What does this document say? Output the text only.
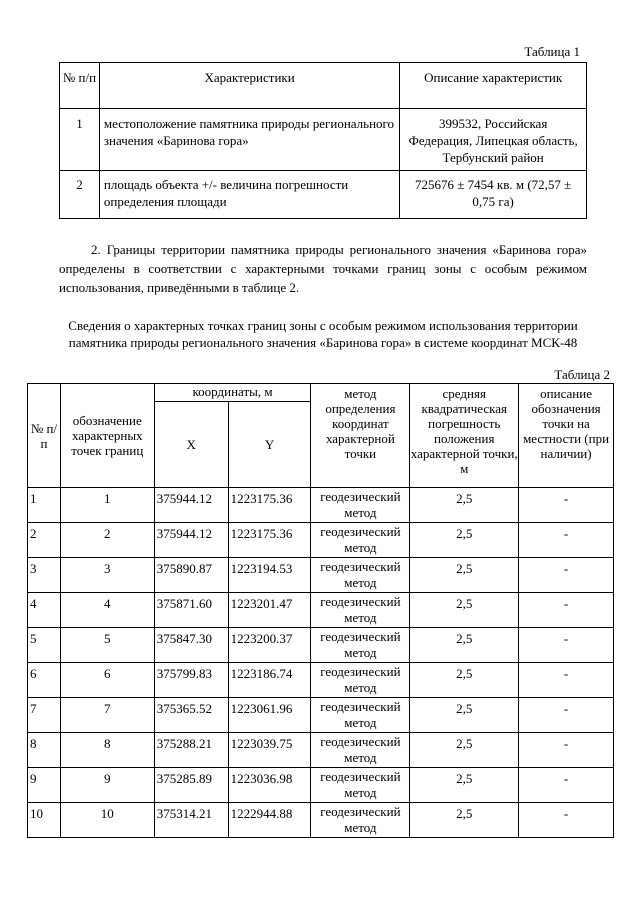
Таблица 1
№ п/п	Характеристики	Описание характеристик
1	местоположение памятника природы регионального значения «Баринова гора»	399532, Российская Федерация, Липецкая область, Тербунский район
2	площадь объекта +/- величина погрешности определения площади	725676 ± 7454 кв. м (72,57 ± 0,75 га)
2. Границы территории памятника природы регионального значения «Баринова гора» определены в соответствии с характерными точками границ зоны с особым режимом использования, приведёнными в таблице 2.
Сведения о характерных точках границ зоны с особым режимом использования территории памятника природы регионального значения «Баринова гора» в системе координат МСК-48
Таблица 2
№ п/п	обозначение характерных точек границ	координаты, м		метод определения координат характерной точки	средняя квадратическая погрешность положения характерной точки, м	описание обозначения точки на местности (при наличии)
		X	Y			
1	1	375944.12	1223175.36	геодезический метод	2,5	-
2	2	375944.12	1223175.36	геодезический метод	2,5	-
3	3	375890.87	1223194.53	геодезический метод	2,5	-
4	4	375871.60	1223201.47	геодезический метод	2,5	-
5	5	375847.30	1223200.37	геодезический метод	2,5	-
6	6	375799.83	1223186.74	геодезический метод	2,5	-
7	7	375365.52	1223061.96	геодезический метод	2,5	-
8	8	375288.21	1223039.75	геодезический метод	2,5	-
9	9	375285.89	1223036.98	геодезический метод	2,5	-
10	10	375314.21	1222944.88	геодезический метод	2,5	-
